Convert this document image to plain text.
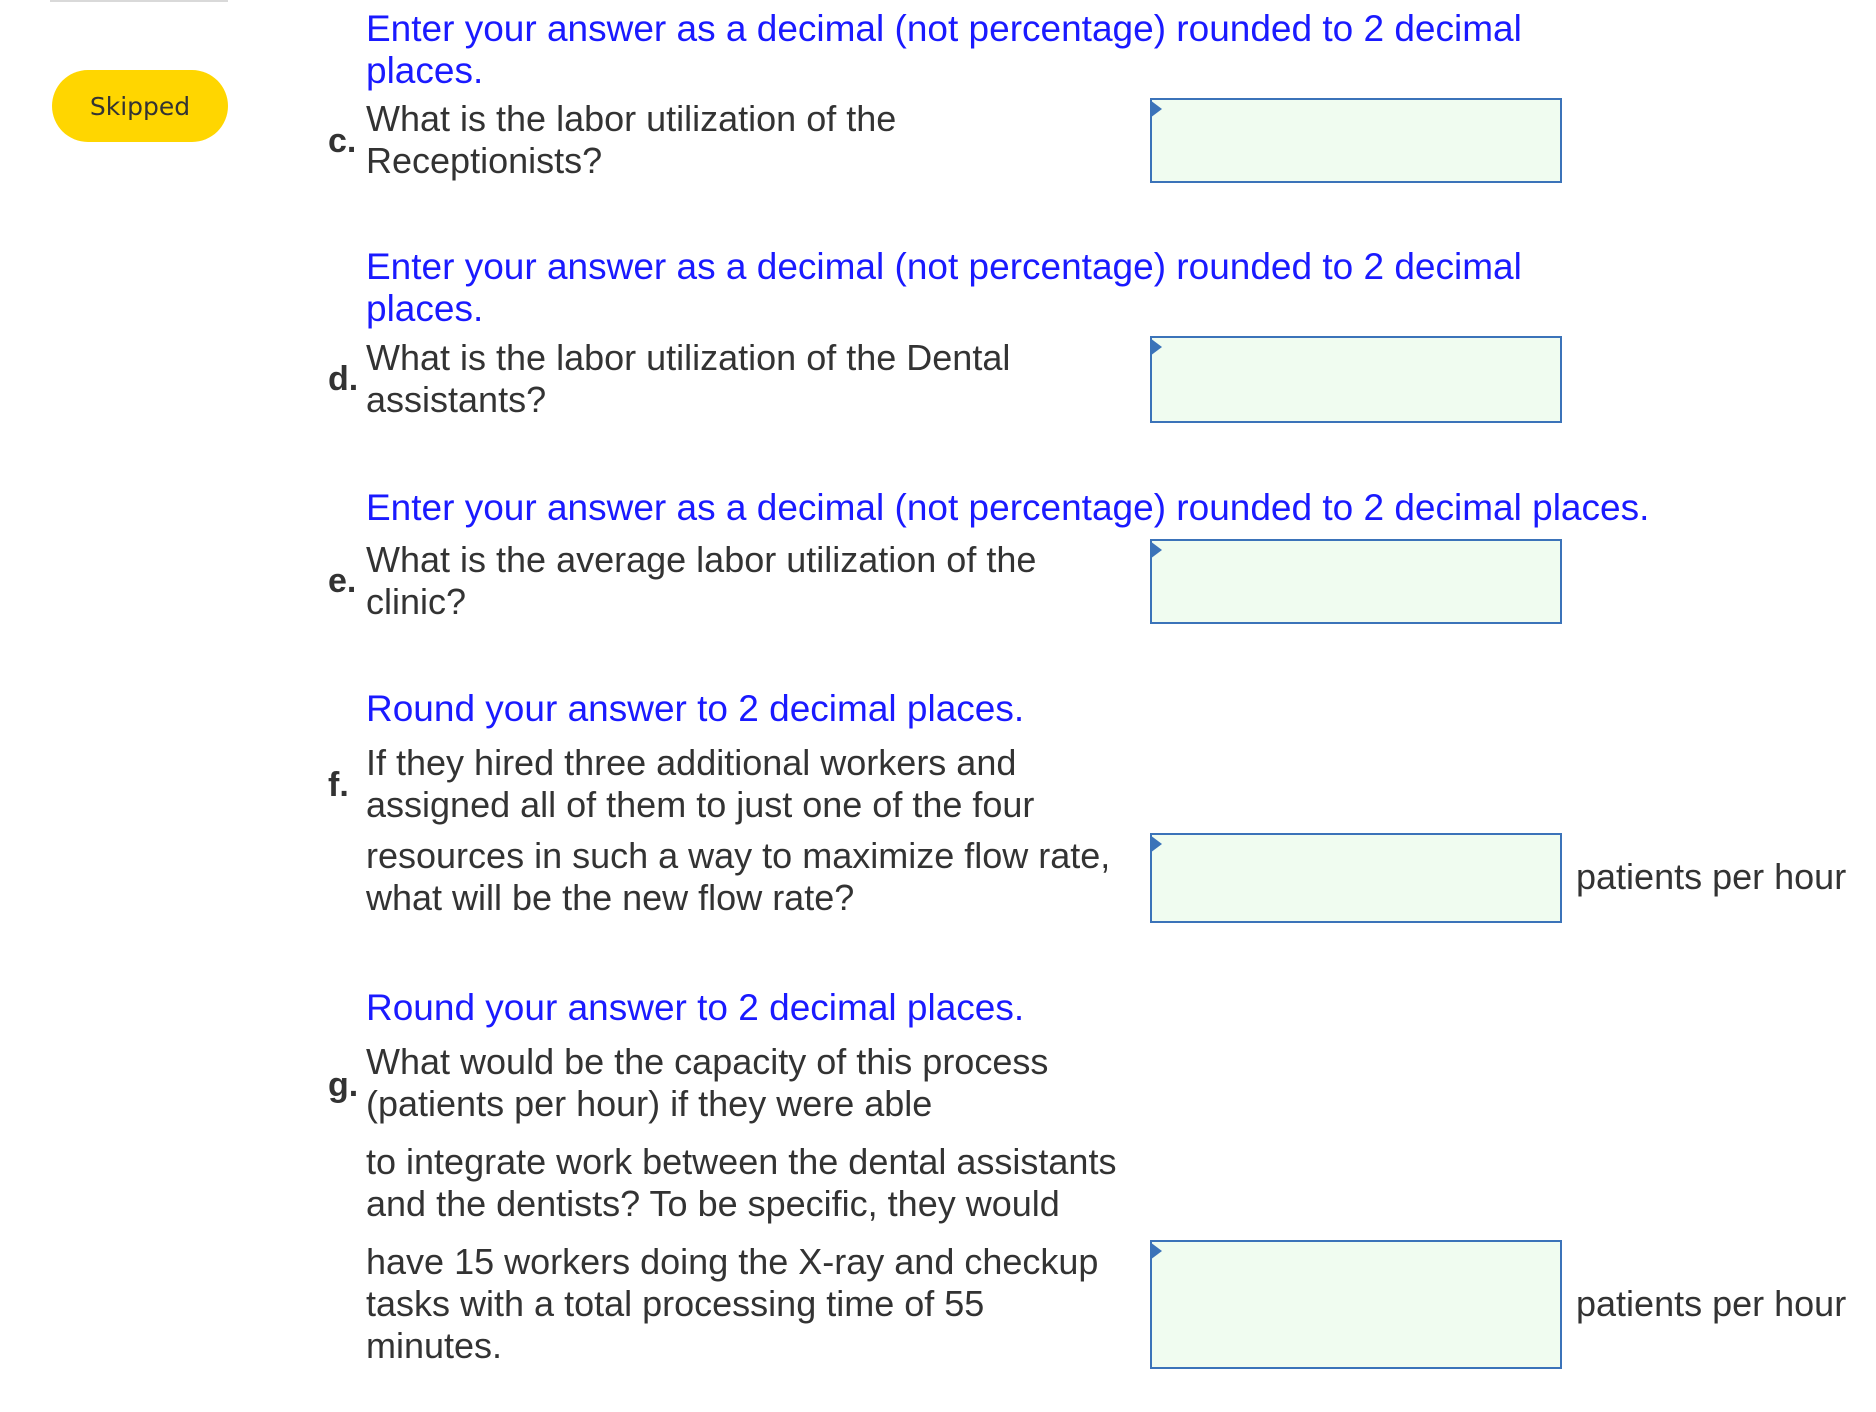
Skipped
Enter your answer as a decimal (not percentage) rounded to 2 decimal
places.
c.
What is the labor utilization of the
Receptionists?
Enter your answer as a decimal (not percentage) rounded to 2 decimal
places.
d.
What is the labor utilization of the Dental
assistants?
Enter your answer as a decimal (not percentage) rounded to 2 decimal places.
e.
What is the average labor utilization of the
clinic?
Round your answer to 2 decimal places.
f.
If they hired three additional workers and
assigned all of them to just one of the four
resources in such a way to maximize flow rate,
what will be the new flow rate?
patients per hour
Round your answer to 2 decimal places.
g.
What would be the capacity of this process
(patients per hour) if they were able
to integrate work between the dental assistants
and the dentists? To be specific, they would
have 15 workers doing the X-ray and checkup
tasks with a total processing time of 55
minutes.
patients per hour
